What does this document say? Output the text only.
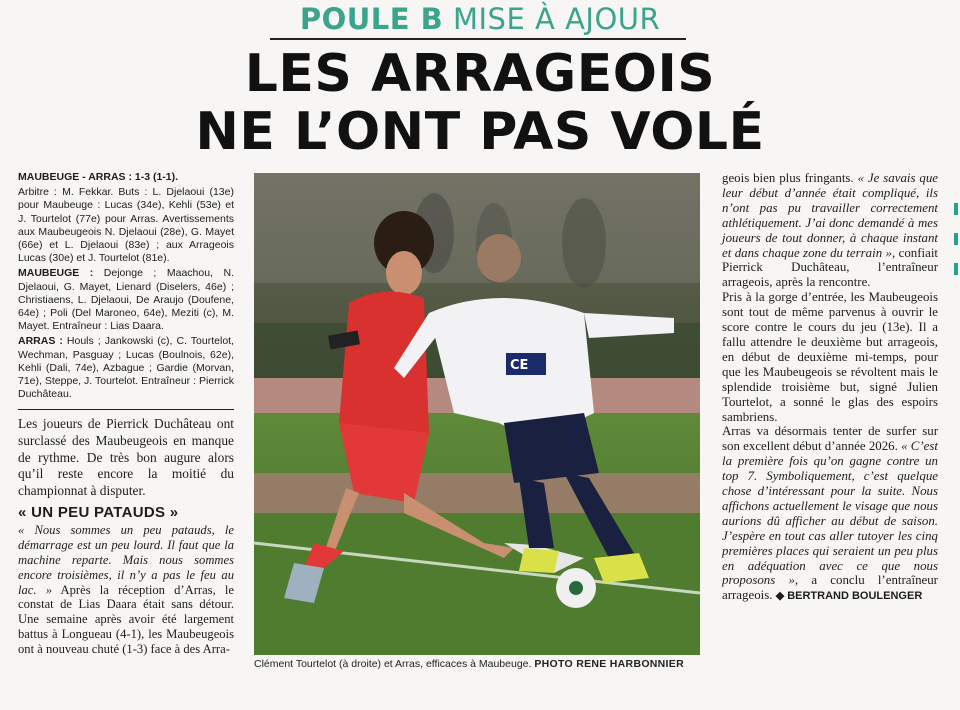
POULE B MISE À AJOUR
LES ARRAGEOIS
NE L’ONT PAS VOLÉ

MAUBEUGE - ARRAS : 1-3 (1-1).

Arbitre : M. Fekkar. Buts : L. Djelaoui (13e) pour Maubeuge : Lucas (34e), Kehli (53e) et J. Tourtelot (77e) pour Arras. Avertissements aux Maubeugeois N. Djelaoui (28e), G. Mayet (66e) et L. Djelaoui (83e) ; aux Arrageois Lucas (30e) et J. Tourtelot (81e).

MAUBEUGE : Dejonge ; Maachou, N. Djelaoui, G. Mayet, Lienard (Diselers, 46e) ; Christiaens, L. Djelaoui, De Araujo (Doufene, 64e) ; Poli (Del Maroneo, 64e), Meziti (c), M. Mayet. Entraîneur : Lias Daara.

ARRAS : Houls ; Jankowski (c), C. Tourtelot, Wechman, Pasguay ; Lucas (Boulnois, 62e), Kehli (Dali, 74e), Azbague ; Gardie (Morvan, 71e), Steppe, J. Tourtelot. Entraîneur : Pierrick Duchâteau.

Les joueurs de Pierrick Duchâteau ont surclassé des Maubeugeois en manque de rythme. De très bon augure alors qu’il reste encore la moitié du championnat à disputer.

« UN PEU PATAUDS »

« Nous sommes un peu patauds, le démarrage est un peu lourd. Il faut que la machine reparte. Mais nous sommes encore troisièmes, il n’y a pas le feu au lac. » Après la réception d’Arras, le constat de Lias Daara était sans détour. Une semaine après avoir été largement battus à Longueau (4-1), les Maubeugeois ont à nouveau chuté (1-3) face à des Arra-

CE
Clément Tourtelot (à droite) et Arras, efficaces à Maubeuge. PHOTO RENE HARBONNIER

geois bien plus fringants. « Je savais que leur début d’année était compliqué, ils n’ont pas pu travailler correctement athlétiquement. J’ai donc demandé à mes joueurs de tout donner, à chaque instant et dans chaque zone du terrain », confiait Pierrick Duchâteau, l’entraîneur arrageois, après la rencontre.

Pris à la gorge d’entrée, les Maubeugeois sont tout de même parvenus à ouvrir le score contre le cours du jeu (13e). Il a fallu attendre le deuxième but arrageois, en début de deuxième mi-temps, pour que les Maubeugeois se révoltent mais le splendide troisième but, signé Julien Tourtelot, a sonné le glas des espoirs sambriens.

Arras va désormais tenter de surfer sur son excellent début d’année 2026. « C’est la première fois qu’on gagne contre un top 7. Symboliquement, c’est quelque chose d’intéressant pour la suite. Nous affichons actuellement le visage que nous aurions dû afficher au début de saison. J’espère en tout cas aller tutoyer les cinq premières places qui seraient un peu plus en adéquation avec ce que nous proposons », a conclu l’entraîneur arrageois. ◆ BERTRAND BOULENGER
